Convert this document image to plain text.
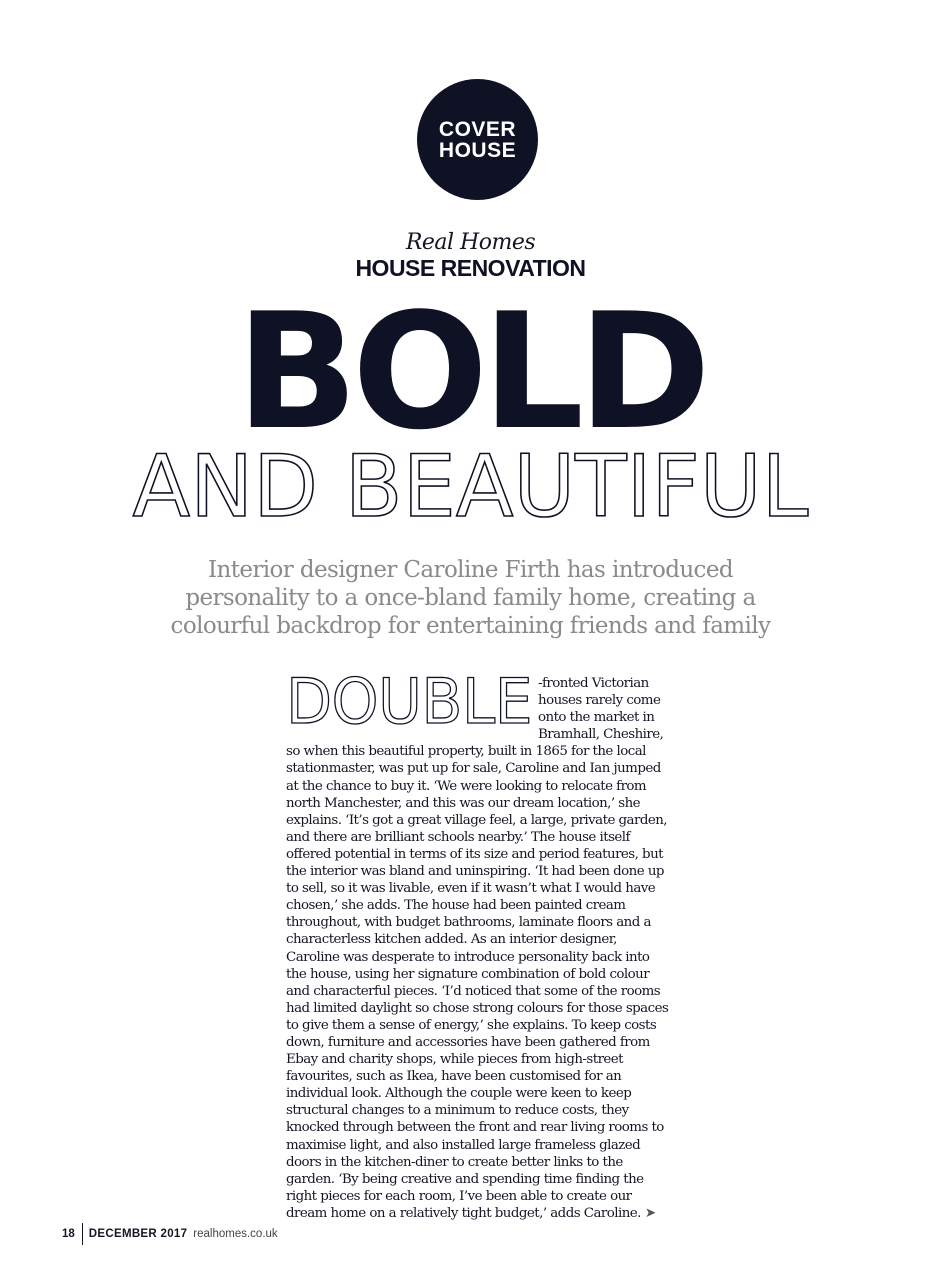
COVER
HOUSE
Real Homes
HOUSE RENOVATION
BOLD
AND BEAUTIFUL
Interior designer Caroline Firth has introduced personality to a once-bland family home, creating a colourful backdrop for entertaining friends and family
DOUBLE -fronted Victorian houses rarely come onto the market in Bramhall, Cheshire, so when this beautiful property, built in 1865 for the local stationmaster, was put up for sale, Caroline and Ian jumped at the chance to buy it. ‘We were looking to relocate from north Manchester, and this was our dream location,’ she explains. ‘It’s got a great village feel, a large, private garden, and there are brilliant schools nearby.’ The house itself offered potential in terms of its size and period features, but the interior was bland and uninspiring. ‘It had been done up to sell, so it was livable, even if it wasn’t what I would have chosen,’ she adds. The house had been painted cream throughout, with budget bathrooms, laminate floors and a characterless kitchen added. As an interior designer, Caroline was desperate to introduce personality back into the house, using her signature combination of bold colour and characterful pieces. ‘I’d noticed that some of the rooms had limited daylight so chose strong colours for those spaces to give them a sense of energy,’ she explains. To keep costs down, furniture and accessories have been gathered from Ebay and charity shops, while pieces from high-street favourites, such as Ikea, have been customised for an individual look. Although the couple were keen to keep structural changes to a minimum to reduce costs, they knocked through between the front and rear living rooms to maximise light, and also installed large frameless glazed doors in the kitchen-diner to create better links to the garden. ‘By being creative and spending time finding the right pieces for each room, I’ve been able to create our dream home on a relatively tight budget,’ adds Caroline. ➤
18 DECEMBER 2017 realhomes.co.uk
